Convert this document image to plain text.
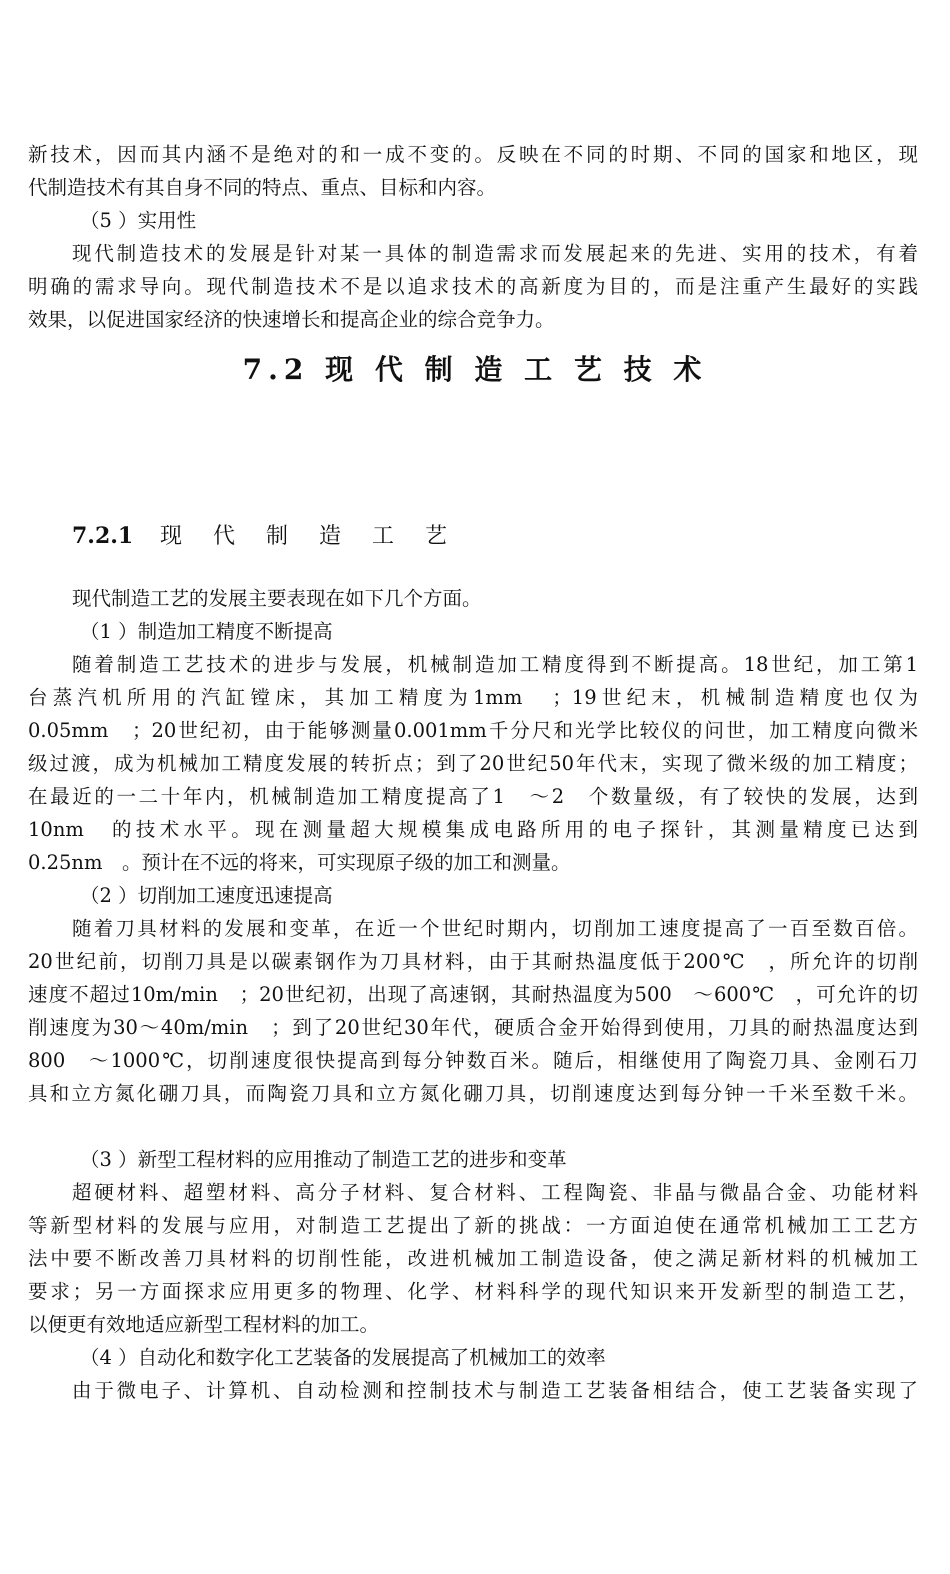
新技术，因而其内涵不是绝对的和一成不变的。反映在不同的时期、不同的国家和地区，现
代制造技术有其自身不同的特点、重点、目标和内容。
（5 ）实用性
现代制造技术的发展是针对某一具体的制造需求而发展起来的先进、实用的技术，有着
明确的需求导向。现代制造技术不是以追求技术的高新度为目的，而是注重产生最好的实践
效果，以促进国家经济的快速增长和提高企业的综合竞争力。
7.2 现 代 制 造 工 艺 技 术
7.2.1 现 代 制 造 工 艺
现代制造工艺的发展主要表现在如下几个方面。
（1 ）制造加工精度不断提高
随着制造工艺技术的进步与发展，机械制造加工精度得到不断提高。18世纪，加工第1
台蒸汽机所用的汽缸镗床，其加工精度为1mm　；19世纪末，机械制造精度也仅为
0.05mm　；20世纪初，由于能够测量0.001mm千分尺和光学比较仪的问世，加工精度向微米
级过渡，成为机械加工精度发展的转折点；到了20世纪50年代末，实现了微米级的加工精度；
在最近的一二十年内，机械制造加工精度提高了1　～2　个数量级，有了较快的发展，达到
10nm　的技术水平。现在测量超大规模集成电路所用的电子探针，其测量精度已达到
0.25nm　。预计在不远的将来，可实现原子级的加工和测量。
（2 ）切削加工速度迅速提高
随着刀具材料的发展和变革，在近一个世纪时期内，切削加工速度提高了一百至数百倍。
20世纪前，切削刀具是以碳素钢作为刀具材料，由于其耐热温度低于200℃　，所允许的切削
速度不超过10m/min　；20世纪初，出现了高速钢，其耐热温度为500　～600℃　，可允许的切
削速度为30～40m/min　；到了20世纪30年代，硬质合金开始得到使用，刀具的耐热温度达到
800　～1000℃，切削速度很快提高到每分钟数百米。随后，相继使用了陶瓷刀具、金刚石刀
具和立方氮化硼刀具，而陶瓷刀具和立方氮化硼刀具，切削速度达到每分钟一千米至数千米。
（3 ）新型工程材料的应用推动了制造工艺的进步和变革
超硬材料、超塑材料、高分子材料、复合材料、工程陶瓷、非晶与微晶合金、功能材料
等新型材料的发展与应用，对制造工艺提出了新的挑战：一方面迫使在通常机械加工工艺方
法中要不断改善刀具材料的切削性能，改进机械加工制造设备，使之满足新材料的机械加工
要求；另一方面探求应用更多的物理、化学、材料科学的现代知识来开发新型的制造工艺，
以便更有效地适应新型工程材料的加工。
（4 ）自动化和数字化工艺装备的发展提高了机械加工的效率
由于微电子、计算机、自动检测和控制技术与制造工艺装备相结合，使工艺装备实现了
